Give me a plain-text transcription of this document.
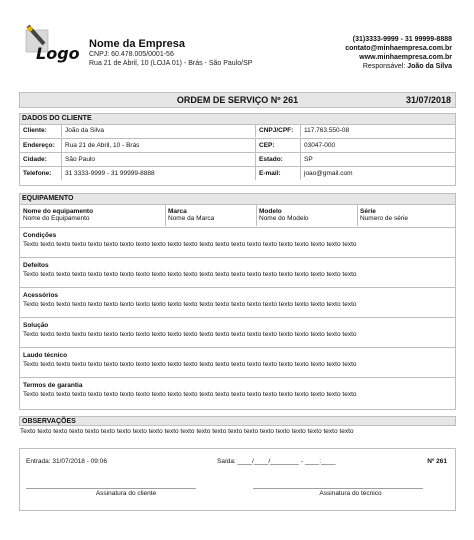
Logo Nome da Empresa
CNPJ: 60.478.005/0001-56
Rua 21 de Abril, 10 (LOJA 01) - Brás - São Paulo/SP
(31)3333-9999 - 31 99999-8888
contato@minhaempresa.com.br
www.minhaempresa.com.br
Responsável: João da Silva
ORDEM DE SERVIÇO Nº 261	31/07/2018
DADOS DO CLIENTE
Cliente:	João da Silva	CNPJ/CPF:	117.763.550-08
Endereço:	Rua 21 de Abril, 10 - Brás	CEP:	03047-000
Cidade:	São Paulo	Estado:	SP
Telefone:	31 3333-9999 - 31 99999-8888	E-mail:	joao@gmail.com
EQUIPAMENTO
Nome do equipamento
Nome do Equipamento
Marca
Nome da Marca
Modelo
Nome do Modelo
Série
Numero de série
Condições
Texto texto texto texto texto texto texto texto texto texto texto texto texto texto texto texto texto texto texto texto texto
Defeitos
Texto texto texto texto texto texto texto texto texto texto texto texto texto texto texto texto texto texto texto texto texto
Acessórios
Texto texto texto texto texto texto texto texto texto texto texto texto texto texto texto texto texto texto texto texto texto
Solução
Texto texto texto texto texto texto texto texto texto texto texto texto texto texto texto texto texto texto texto texto texto
Laudo técnico
Texto texto texto texto texto texto texto texto texto texto texto texto texto texto texto texto texto texto texto texto texto
Termos de garantia
Texto texto texto texto texto texto texto texto texto texto texto texto texto texto texto texto texto texto texto texto texto
OBSERVAÇÕES
Texto texto texto texto texto texto texto texto texto texto texto texto texto texto texto texto texto texto texto texto texto
Entrada: 31/07/2018 - 09:06	Saída: ____/____/________ - ____:____	Nº 261
_______________________________________________
Assinatura do cliente
_______________________________________________
Assinatura do técnico
